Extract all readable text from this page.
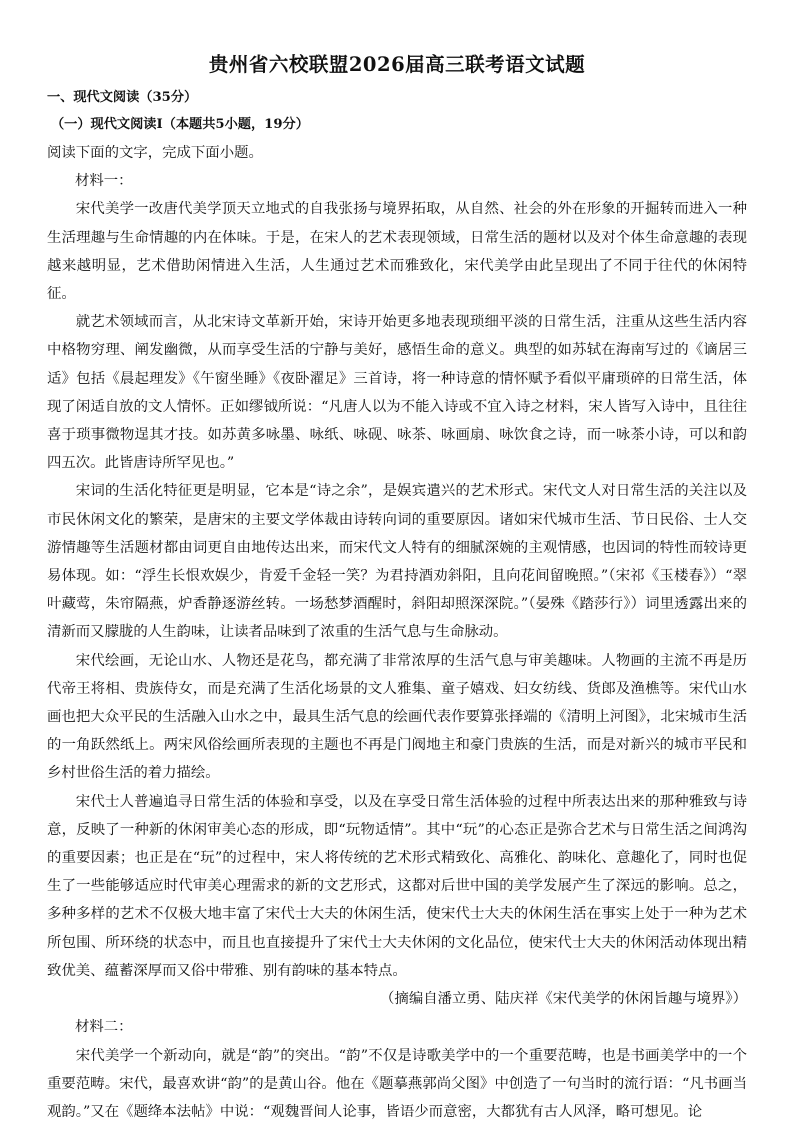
贵州省六校联盟2026届高三联考语文试题
一、现代文阅读（35分）
（一）现代文阅读Ⅰ（本题共5小题，19分）

阅读下面的文字，完成下面小题。

材料一：

宋代美学一改唐代美学顶天立地式的自我张扬与境界拓取，从自然、社会的外在形象的开掘转而进入一种生活理趣与生命情趣的内在体味。于是，在宋人的艺术表现领域，日常生活的题材以及对个体生命意趣的表现越来越明显，艺术借助闲情进入生活，人生通过艺术而雅致化，宋代美学由此呈现出了不同于往代的休闲特征。

就艺术领域而言，从北宋诗文革新开始，宋诗开始更多地表现琐细平淡的日常生活，注重从这些生活内容中格物穷理、阐发幽微，从而享受生活的宁静与美好，感悟生命的意义。典型的如苏轼在海南写过的《谪居三适》包括《晨起理发》《午窗坐睡》《夜卧濯足》三首诗，将一种诗意的情怀赋予看似平庸琐碎的日常生活，体现了闲适自放的文人情怀。正如缪钺所说：“凡唐人以为不能入诗或不宜入诗之材料，宋人皆写入诗中，且往往喜于琐事微物逞其才技。如苏黄多咏墨、咏纸、咏砚、咏茶、咏画扇、咏饮食之诗，而一咏茶小诗，可以和韵四五次。此皆唐诗所罕见也。”

宋词的生活化特征更是明显，它本是“诗之余”，是娱宾遣兴的艺术形式。宋代文人对日常生活的关注以及市民休闲文化的繁荣，是唐宋的主要文学体裁由诗转向词的重要原因。诸如宋代城市生活、节日民俗、士人交游情趣等生活题材都由词更自由地传达出来，而宋代文人特有的细腻深婉的主观情感，也因词的特性而较诗更易体现。如：“浮生长恨欢娱少，肯爱千金轻一笑？为君持酒劝斜阳，且向花间留晚照。”（宋祁《玉楼春》）“翠叶藏莺，朱帘隔燕，炉香静逐游丝转。一场愁梦酒醒时，斜阳却照深深院。”（晏殊《踏莎行》）词里透露出来的清新而又朦胧的人生韵味，让读者品味到了浓重的生活气息与生命脉动。

宋代绘画，无论山水、人物还是花鸟，都充满了非常浓厚的生活气息与审美趣味。人物画的主流不再是历代帝王将相、贵族侍女，而是充满了生活化场景的文人雅集、童子嬉戏、妇女纺线、货郎及渔樵等。宋代山水画也把大众平民的生活融入山水之中，最具生活气息的绘画代表作要算张择端的《清明上河图》，北宋城市生活的一角跃然纸上。两宋风俗绘画所表现的主题也不再是门阀地主和豪门贵族的生活，而是对新兴的城市平民和乡村世俗生活的着力描绘。

宋代士人普遍追寻日常生活的体验和享受，以及在享受日常生活体验的过程中所表达出来的那种雅致与诗意，反映了一种新的休闲审美心态的形成，即“玩物适情”。其中“玩”的心态正是弥合艺术与日常生活之间鸿沟的重要因素；也正是在“玩”的过程中，宋人将传统的艺术形式精致化、高雅化、韵味化、意趣化了，同时也促生了一些能够适应时代审美心理需求的新的文艺形式，这都对后世中国的美学发展产生了深远的影响。总之，多种多样的艺术不仅极大地丰富了宋代士大夫的休闲生活，使宋代士大夫的休闲生活在事实上处于一种为艺术所包围、所环绕的状态中，而且也直接提升了宋代士大夫休闲的文化品位，使宋代士大夫的休闲活动体现出精致优美、蕴蓄深厚而又俗中带雅、别有韵味的基本特点。

（摘编自潘立勇、陆庆祥《宋代美学的休闲旨趣与境界》）

材料二：

宋代美学一个新动向，就是“韵”的突出。“韵”不仅是诗歌美学中的一个重要范畴，也是书画美学中的一个重要范畴。宋代，最喜欢讲“韵”的是黄山谷。他在《题摹燕郭尚父图》中创造了一句当时的流行语：“凡书画当观韵。”又在《题绛本法帖》中说：“观魏晋间人论事，皆语少而意密，大都犹有古人风泽，略可想见。论
